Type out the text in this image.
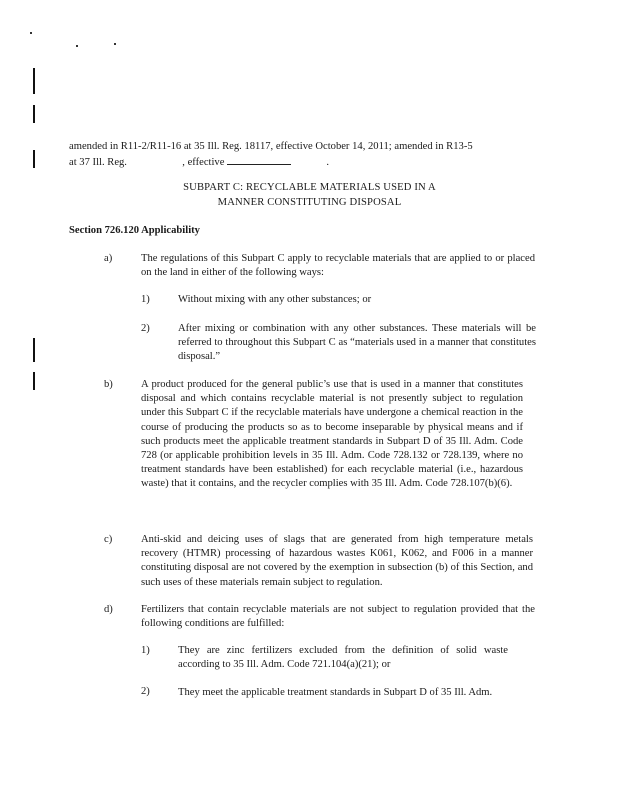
amended in R11-2/R11-16 at 35 Ill. Reg. 18117, effective October 14, 2011; amended in R13-5
at 37 Ill. Reg.	, effective	.
SUBPART C: RECYCLABLE MATERIALS USED IN A
MANNER CONSTITUTING DISPOSAL
Section 726.120 Applicability
a)	The regulations of this Subpart C apply to recyclable materials that are applied to or placed on the land in either of the following ways:
1)	Without mixing with any other substances; or
2)	After mixing or combination with any other substances. These materials will be referred to throughout this Subpart C as “materials used in a manner that constitutes disposal.”
b)	A product produced for the general public’s use that is used in a manner that constitutes disposal and which contains recyclable material is not presently subject to regulation under this Subpart C if the recyclable materials have undergone a chemical reaction in the course of producing the products so as to become inseparable by physical means and if such products meet the applicable treatment standards in Subpart D of 35 Ill. Adm. Code 728 (or applicable prohibition levels in 35 Ill. Adm. Code 728.132 or 728.139, where no treatment standards have been established) for each recyclable material (i.e., hazardous waste) that it contains, and the recycler complies with 35 Ill. Adm. Code 728.107(b)(6).
c)	Anti-skid and deicing uses of slags that are generated from high temperature metals recovery (HTMR) processing of hazardous wastes K061, K062, and F006 in a manner constituting disposal are not covered by the exemption in subsection (b) of this Section, and such uses of these materials remain subject to regulation.
d)	Fertilizers that contain recyclable materials are not subject to regulation provided that the following conditions are fulfilled:
1)	They are zinc fertilizers excluded from the definition of solid waste according to 35 Ill. Adm. Code 721.104(a)(21); or
2)	They meet the applicable treatment standards in Subpart D of 35 Ill. Adm.
